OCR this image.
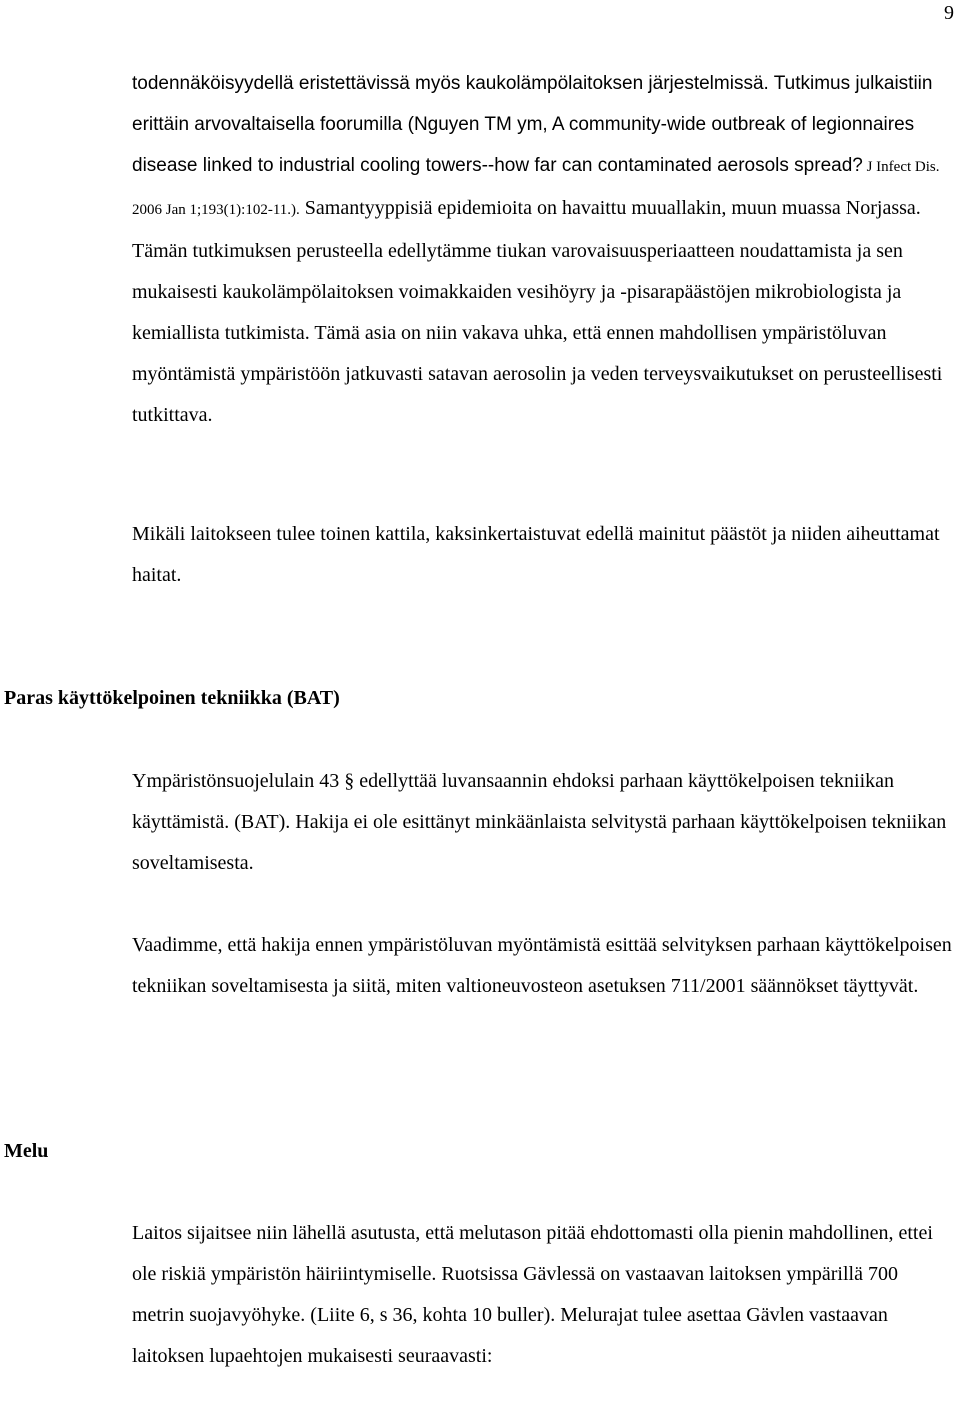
9

todennäköisyydellä eristettävissä myös kaukolämpölaitoksen järjestelmissä. Tutkimus julkaistiin erittäin arvovaltaisella foorumilla (Nguyen TM ym, A community-wide outbreak of legionnaires disease linked to industrial cooling towers--how far can contaminated aerosols spread? J Infect Dis. 2006 Jan 1;193(1):102-11.). Samantyyppisiä epidemioita on havaittu muuallakin, muun muassa Norjassa. Tämän tutkimuksen perusteella edellytämme tiukan varovaisuusperiaatteen noudattamista ja sen mukaisesti kaukolämpölaitoksen voimakkaiden vesihöyry ja -pisarapäästöjen mikrobiologista ja kemiallista tutkimista. Tämä asia on niin vakava uhka, että ennen mahdollisen ympäristöluvan myöntämistä ympäristöön jatkuvasti satavan aerosolin ja veden terveysvaikutukset on perusteellisesti tutkittava.

Mikäli laitokseen tulee toinen kattila, kaksinkertaistuvat edellä mainitut päästöt ja niiden aiheuttamat haitat.

Paras käyttökelpoinen tekniikka (BAT)

Ympäristönsuojelulain 43 § edellyttää luvansaannin ehdoksi parhaan käyttökelpoisen tekniikan käyttämistä. (BAT). Hakija ei ole esittänyt minkäänlaista selvitystä parhaan käyttökelpoisen tekniikan soveltamisesta.

Vaadimme, että hakija ennen ympäristöluvan myöntämistä esittää selvityksen parhaan käyttökelpoisen tekniikan soveltamisesta ja siitä, miten valtioneuvosteon asetuksen 711/2001 säännökset täyttyvät.

Melu

Laitos sijaitsee niin lähellä asutusta, että melutason pitää ehdottomasti olla pienin mahdollinen, ettei ole riskiä ympäristön häiriintymiselle. Ruotsissa Gävlessä on vastaavan laitoksen ympärillä 700 metrin suojavyöhyke. (Liite 6, s 36, kohta 10 buller). Melurajat tulee asettaa Gävlen vastaavan laitoksen lupaehtojen mukaisesti seuraavasti:
